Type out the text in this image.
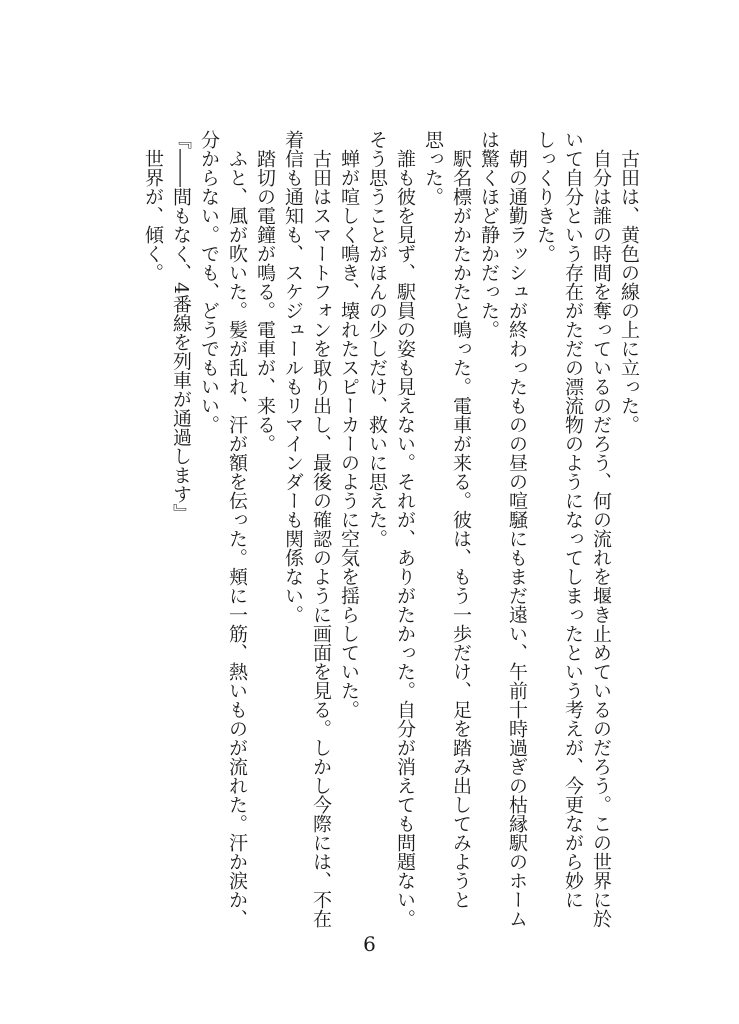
　古田は、黄色の線の上に立った。
　自分は誰の時間を奪っているのだろう、何の流れを堰き止めているのだろう。この世界に於
いて自分という存在がただの漂流物のようになってしまったという考えが、今更ながら妙に
しっくりきた。
　朝の通勤ラッシュが終わったものの昼の喧騒にもまだ遠い、午前十時過ぎの枯縁駅のホーム
は驚くほど静かだった。
　駅名標がかたかたと鳴った。電車が来る。彼は、もう一歩だけ、足を踏み出してみようと
思った。
　誰も彼を見ず、駅員の姿も見えない。それが、ありがたかった。自分が消えても問題ない。
そう思うことがほんの少しだけ、救いに思えた。
　蝉が喧しく鳴き、壊れたスピーカーのように空気を揺らしていた。
　古田はスマートフォンを取り出し、最後の確認のように画面を見る。しかし今際には、不在
着信も通知も、スケジュールもリマインダーも関係ない。
　踏切の電鐘が鳴る。電車が、来る。
　ふと、風が吹いた。髪が乱れ、汗が額を伝った。頬に一筋、熱いものが流れた。汗か涙か、
分からない。でも、どうでもいい。
『――間もなく、4番線を列車が通過します』
　世界が、傾く。
6
